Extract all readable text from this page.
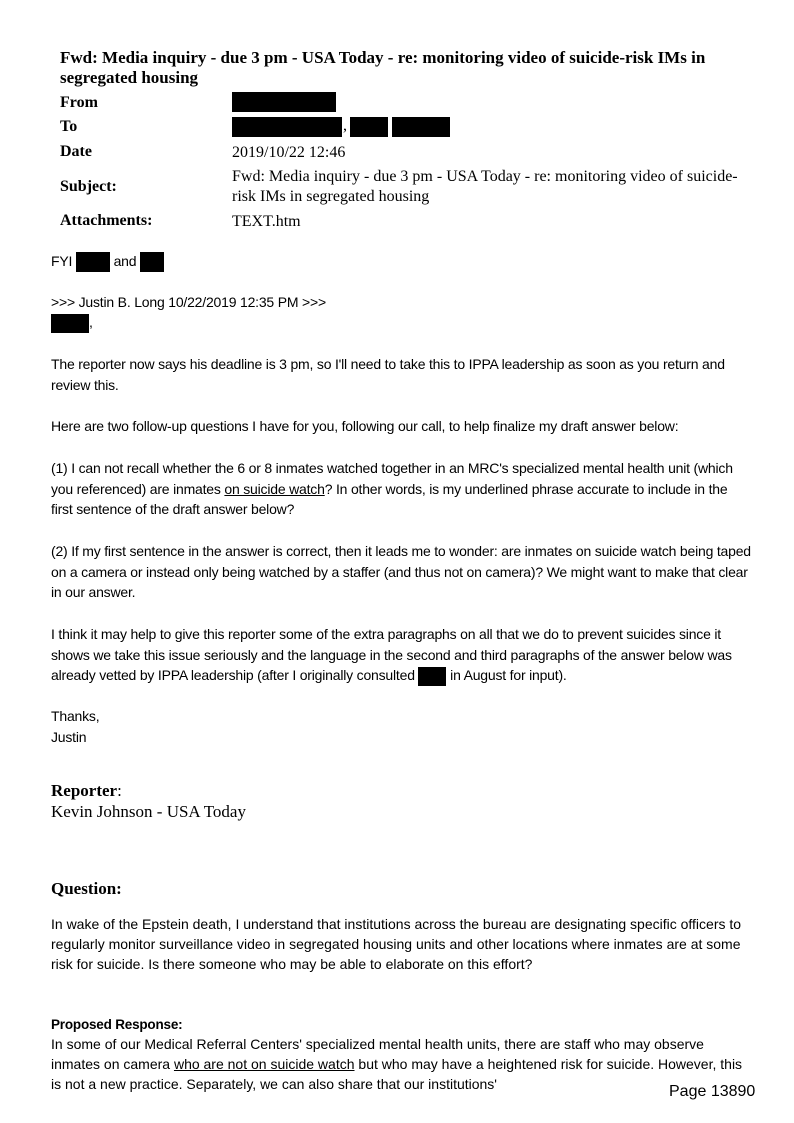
Fwd: Media inquiry - due 3 pm - USA Today - re: monitoring video of suicide-risk IMs in segregated housing
From
To	,
Date	2019/10/22 12:46
Subject:
Fwd: Media inquiry - due 3 pm - USA Today - re: monitoring video of suicide-risk IMs in segregated housing
Attachments:	TEXT.htm
FYI	and
>>> Justin B. Long 10/22/2019 12:35 PM >>>
,
The reporter now says his deadline is 3 pm, so I'll need to take this to IPPA leadership as soon as you return and review this.
Here are two follow-up questions I have for you, following our call, to help finalize my draft answer below:
(1) I can not recall whether the 6 or 8 inmates watched together in an MRC's specialized mental health unit (which you referenced) are inmates on suicide watch? In other words, is my underlined phrase accurate to include in the first sentence of the draft answer below?
(2) If my first sentence in the answer is correct, then it leads me to wonder: are inmates on suicide watch being taped on a camera or instead only being watched by a staffer (and thus not on camera)? We might want to make that clear in our answer.
I think it may help to give this reporter some of the extra paragraphs on all that we do to prevent suicides since it shows we take this issue seriously and the language in the second and third paragraphs of the answer below was already vetted by IPPA leadership (after I originally consulted  in August for input).
Thanks,
Justin
Reporter:
Kevin Johnson - USA Today
Question:
In wake of the Epstein death, I understand that institutions across the bureau are designating specific officers to regularly monitor surveillance video in segregated housing units and other locations where inmates are at some risk for suicide. Is there someone who may be able to elaborate on this effort?
Proposed Response:
In some of our Medical Referral Centers' specialized mental health units, there are staff who may observe inmates on camera who are not on suicide watch but who may have a heightened risk for suicide. However, this is not a new practice. Separately, we can also share that our institutions'	Page 13890
